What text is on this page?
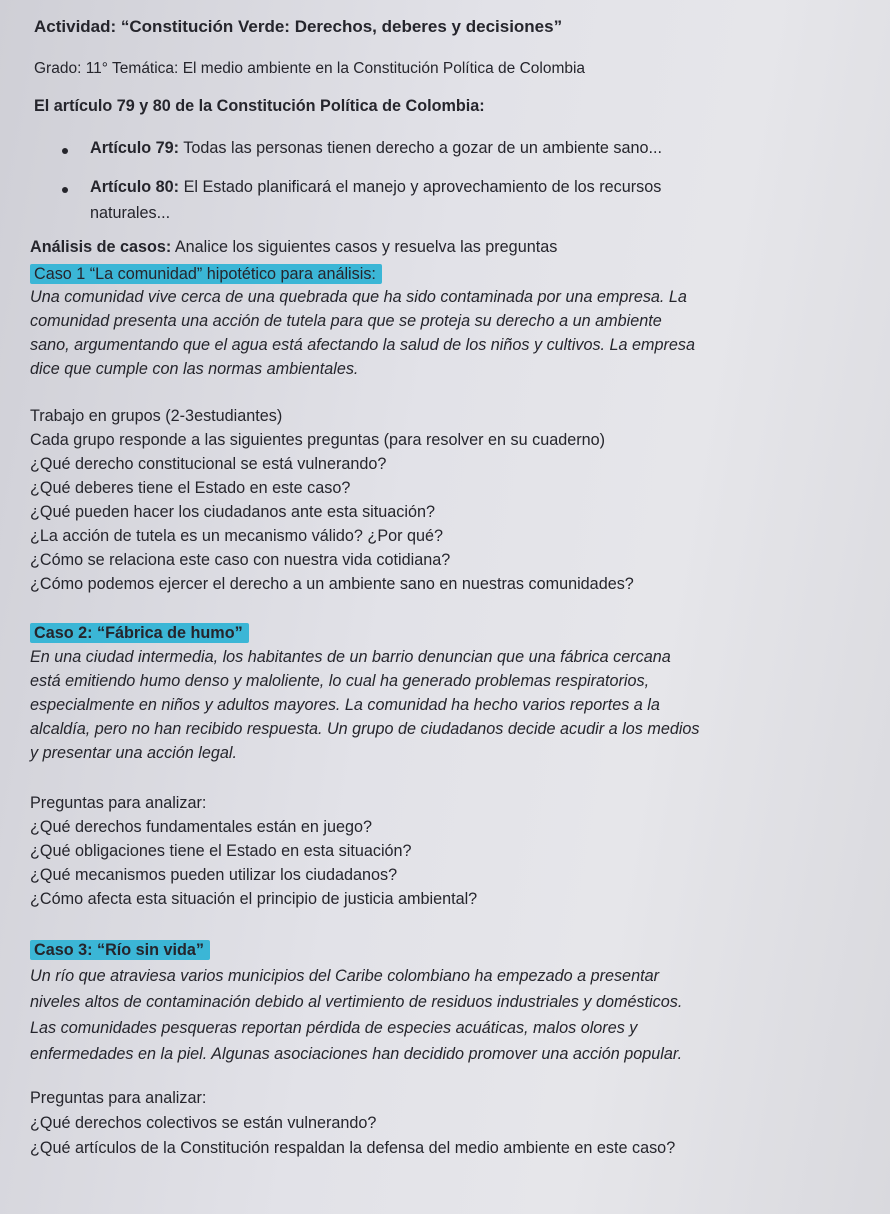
Actividad: “Constitución Verde: Derechos, deberes y decisiones”
Grado: 11° Temática: El medio ambiente en la Constitución Política de Colombia
El artículo 79 y 80 de la Constitución Política de Colombia:
Artículo 79: Todas las personas tienen derecho a gozar de un ambiente sano...
Artículo 80: El Estado planificará el manejo y aprovechamiento de los recursos
naturales...
Análisis de casos: Analice los siguientes casos y resuelva las preguntas
Caso 1 “La comunidad” hipotético para análisis:
Una comunidad vive cerca de una quebrada que ha sido contaminada por una empresa. La
comunidad presenta una acción de tutela para que se proteja su derecho a un ambiente
sano, argumentando que el agua está afectando la salud de los niños y cultivos. La empresa
dice que cumple con las normas ambientales.
Trabajo en grupos (2-3estudiantes)
Cada grupo responde a las siguientes preguntas (para resolver en su cuaderno)
¿Qué derecho constitucional se está vulnerando?
¿Qué deberes tiene el Estado en este caso?
¿Qué pueden hacer los ciudadanos ante esta situación?
¿La acción de tutela es un mecanismo válido? ¿Por qué?
¿Cómo se relaciona este caso con nuestra vida cotidiana?
¿Cómo podemos ejercer el derecho a un ambiente sano en nuestras comunidades?
Caso 2: “Fábrica de humo”
En una ciudad intermedia, los habitantes de un barrio denuncian que una fábrica cercana
está emitiendo humo denso y maloliente, lo cual ha generado problemas respiratorios,
especialmente en niños y adultos mayores. La comunidad ha hecho varios reportes a la
alcaldía, pero no han recibido respuesta. Un grupo de ciudadanos decide acudir a los medios
y presentar una acción legal.
Preguntas para analizar:
¿Qué derechos fundamentales están en juego?
¿Qué obligaciones tiene el Estado en esta situación?
¿Qué mecanismos pueden utilizar los ciudadanos?
¿Cómo afecta esta situación el principio de justicia ambiental?
Caso 3: “Río sin vida”
Un río que atraviesa varios municipios del Caribe colombiano ha empezado a presentar
niveles altos de contaminación debido al vertimiento de residuos industriales y domésticos.
Las comunidades pesqueras reportan pérdida de especies acuáticas, malos olores y
enfermedades en la piel. Algunas asociaciones han decidido promover una acción popular.
Preguntas para analizar:
¿Qué derechos colectivos se están vulnerando?
¿Qué artículos de la Constitución respaldan la defensa del medio ambiente en este caso?
